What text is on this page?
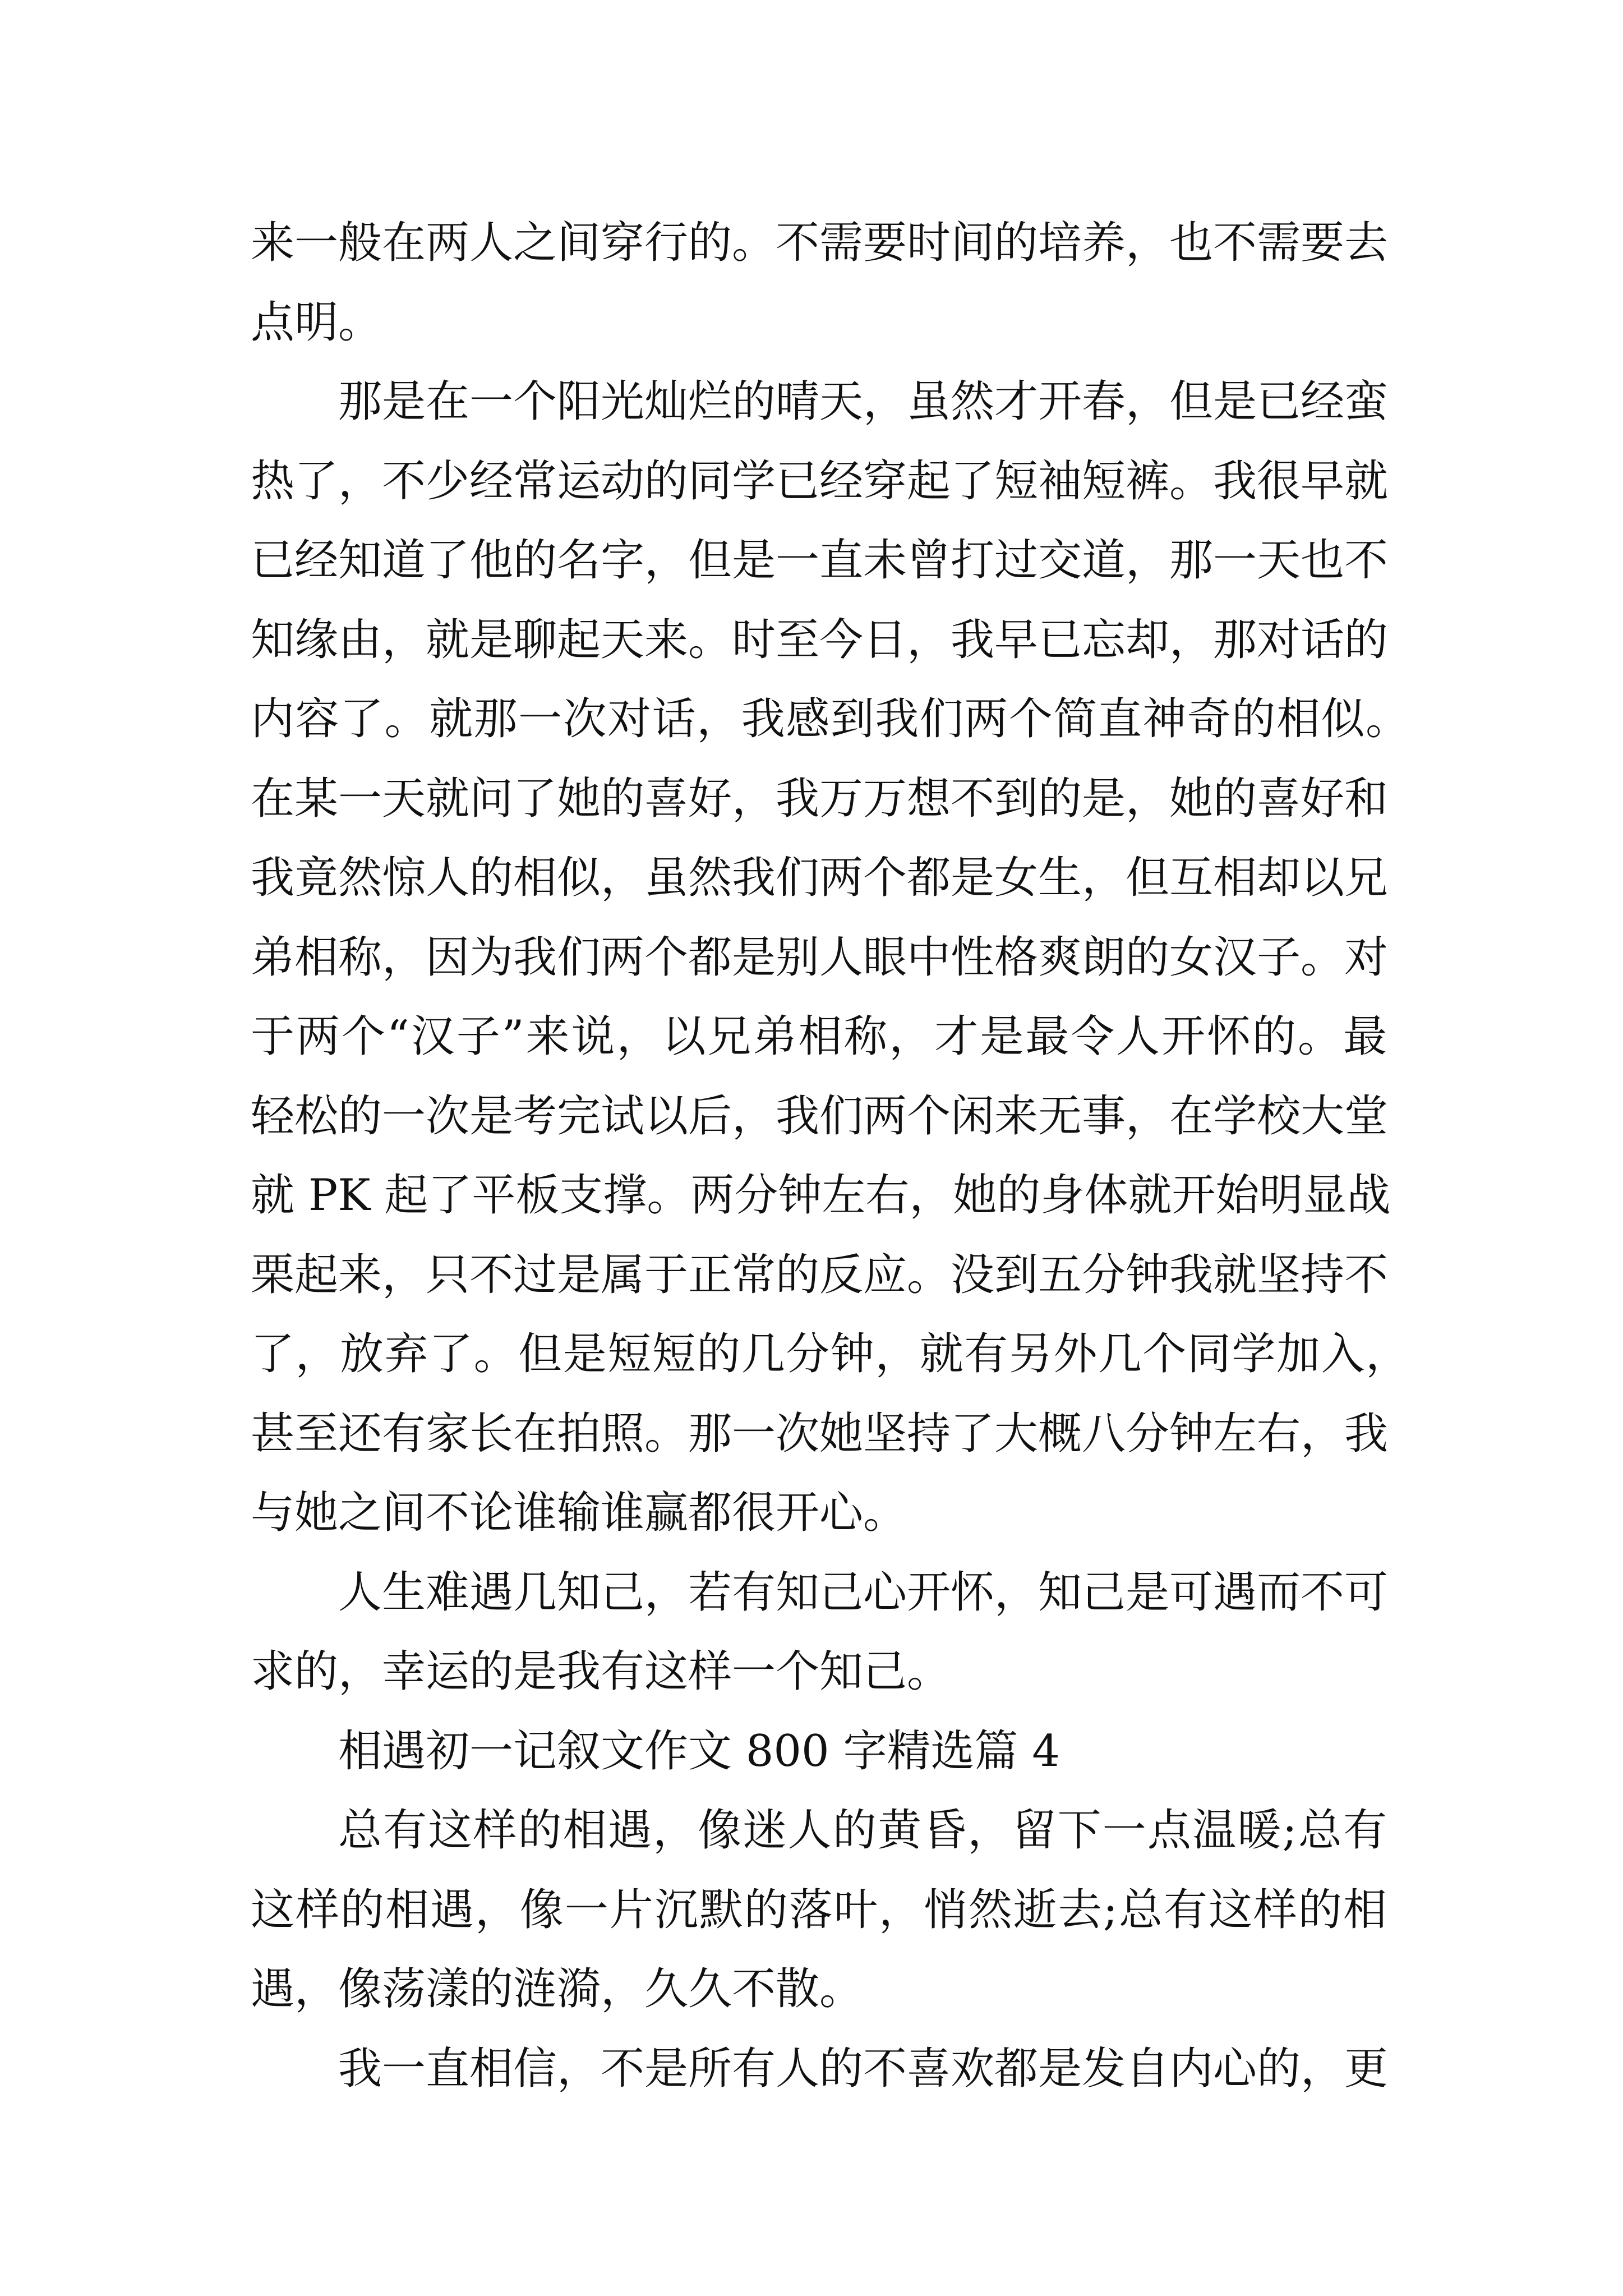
来一般在两人之间穿行的。不需要时间的培养，也不需要去
点明。
那是在一个阳光灿烂的晴天，虽然才开春，但是已经蛮
热了，不少经常运动的同学已经穿起了短袖短裤。我很早就
已经知道了他的名字，但是一直未曾打过交道，那一天也不
知缘由，就是聊起天来。时至今日，我早已忘却，那对话的
内容了。就那一次对话，我感到我们两个简直神奇的相似。
在某一天就问了她的喜好，我万万想不到的是，她的喜好和
我竟然惊人的相似，虽然我们两个都是女生，但互相却以兄
弟相称，因为我们两个都是别人眼中性格爽朗的女汉子。对
于两个“汉子”来说，以兄弟相称，才是最令人开怀的。最
轻松的一次是考完试以后，我们两个闲来无事，在学校大堂
就 PK 起了平板支撑。两分钟左右，她的身体就开始明显战
栗起来，只不过是属于正常的反应。没到五分钟我就坚持不
了，放弃了。但是短短的几分钟，就有另外几个同学加入，
甚至还有家长在拍照。那一次她坚持了大概八分钟左右，我
与她之间不论谁输谁赢都很开心。
人生难遇几知己，若有知己心开怀，知己是可遇而不可
求的，幸运的是我有这样一个知己。
相遇初一记叙文作文 800 字精选篇 4
总有这样的相遇，像迷人的黄昏，留下一点温暖;总有
这样的相遇，像一片沉默的落叶，悄然逝去;总有这样的相
遇，像荡漾的涟漪，久久不散。
我一直相信，不是所有人的不喜欢都是发自内心的，更
